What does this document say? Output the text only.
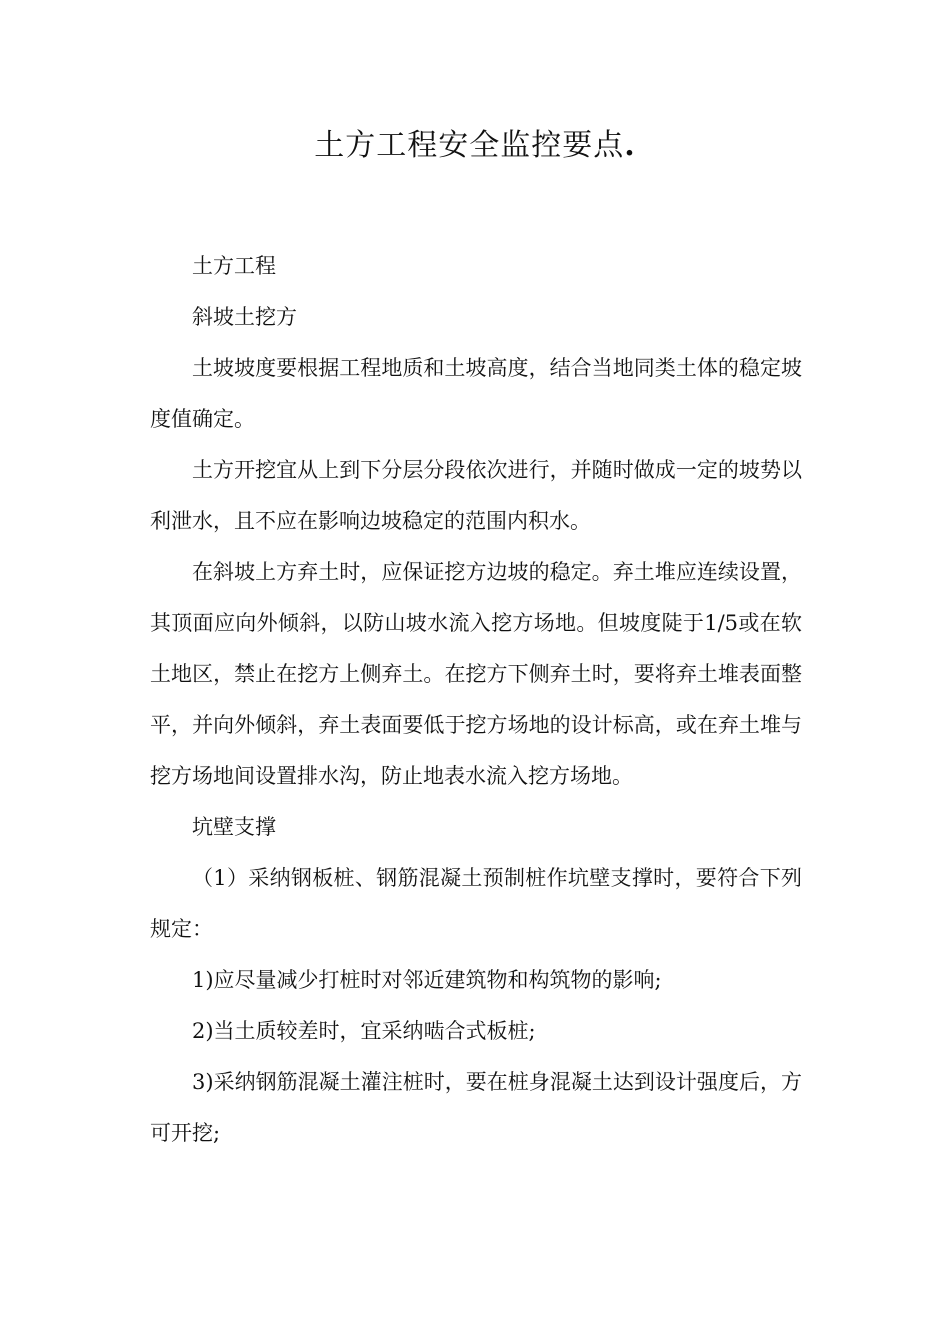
土方工程安全监控要点.

土方工程

斜坡土挖方

土坡坡度要根据工程地质和土坡高度，结合当地同类土体的稳定坡度值确定。

土方开挖宜从上到下分层分段依次进行，并随时做成一定的坡势以利泄水，且不应在影响边坡稳定的范围内积水。

在斜坡上方弃土时，应保证挖方边坡的稳定。弃土堆应连续设置，其顶面应向外倾斜，以防山坡水流入挖方场地。但坡度陡于1/5或在软土地区，禁止在挖方上侧弃土。在挖方下侧弃土时，要将弃土堆表面整平，并向外倾斜，弃土表面要低于挖方场地的设计标高，或在弃土堆与挖方场地间设置排水沟，防止地表水流入挖方场地。

坑壁支撑

（1）采纳钢板桩、钢筋混凝土预制桩作坑壁支撑时，要符合下列规定：

1)应尽量减少打桩时对邻近建筑物和构筑物的影响;

2)当土质较差时，宜采纳啮合式板桩;

3)采纳钢筋混凝土灌注桩时，要在桩身混凝土达到设计强度后，方可开挖;
